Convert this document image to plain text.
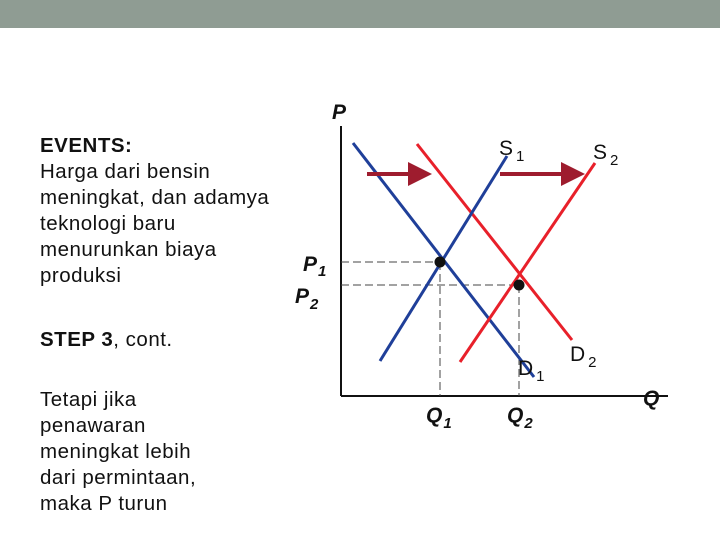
EVENTS:
Harga dari bensin
meningkat, dan adamya
teknologi baru
menurunkan biaya
produksi
STEP 3, cont.
Tetapi jika
penawaran
meningkat lebih
dari permintaan,
maka P turun
P
Q
S $_1$	S $_2$
D $_1$
D $_2$
$P_1$
$P_2$
$Q_1$	$Q_2$
